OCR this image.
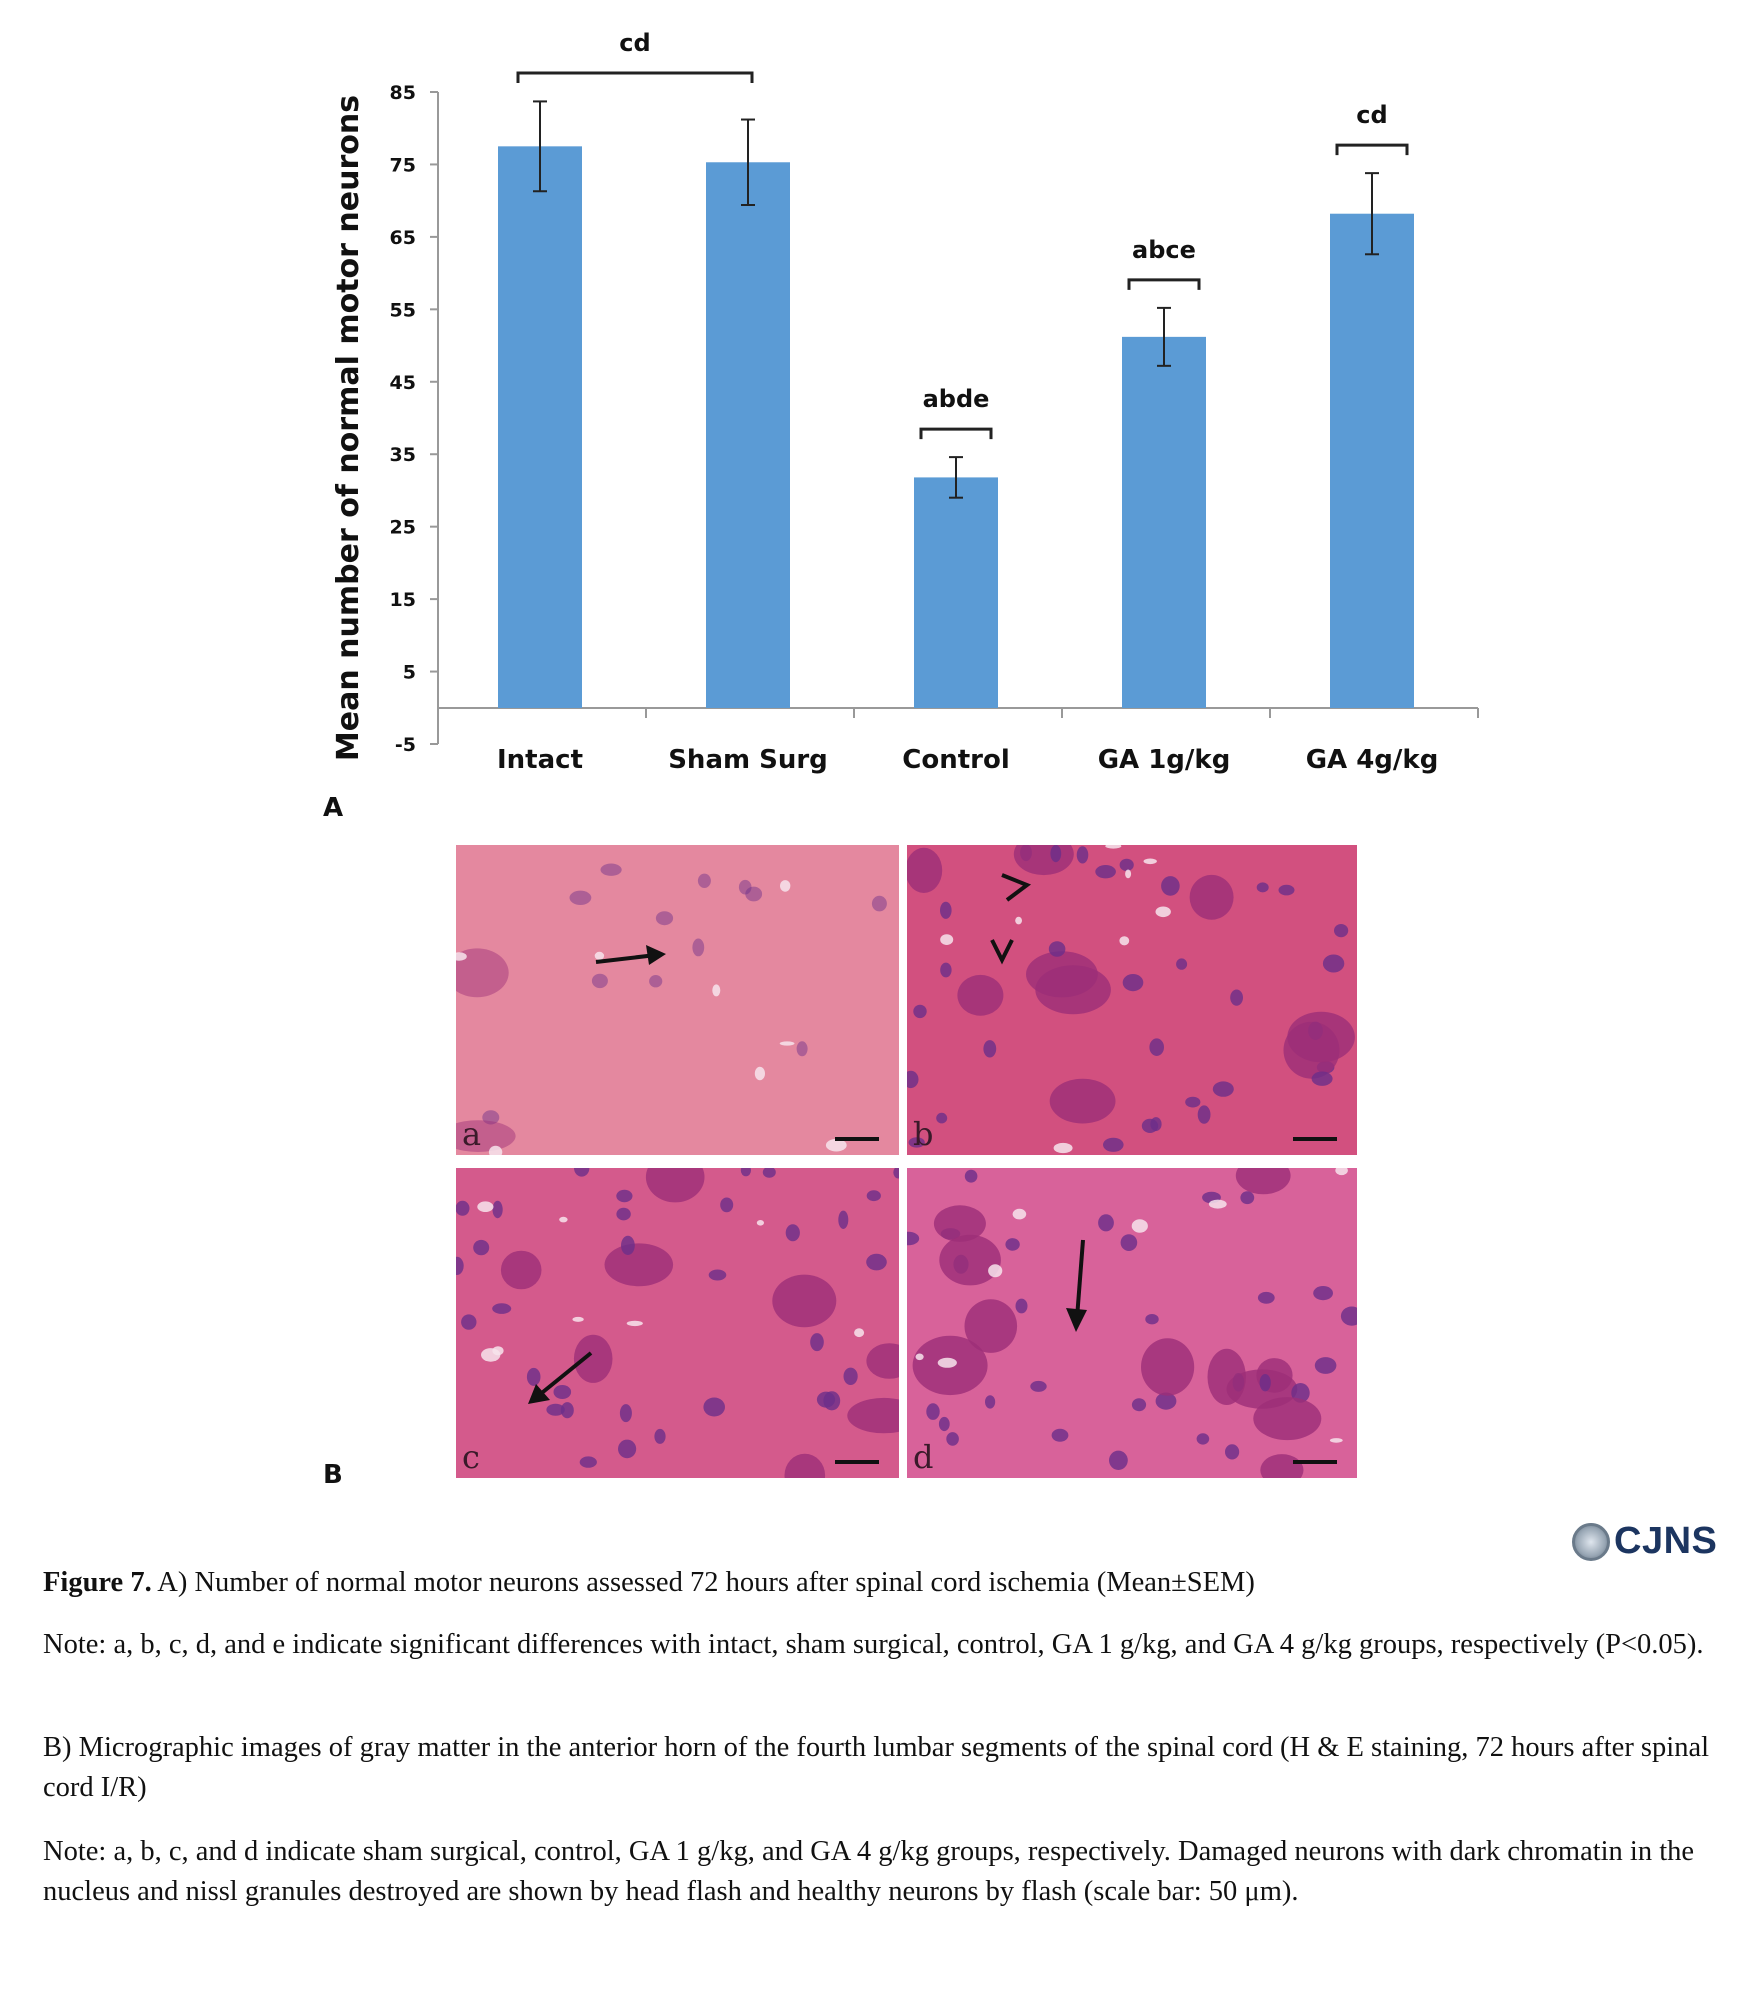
85
75
65
55
45
35
25
15
5
-5	Intact	Sham Surg	Control	GA 1g/kg	GA 4g/kg
cd
abde
abce
cd
Mean number of normal motor neurons
A
a	b
c	d
B
CJNS
Figure 7. A) Number of normal motor neurons assessed 72 hours after spinal cord ischemia (Mean±SEM)
Note: a, b, c, d, and e indicate significant differences with intact, sham surgical, control, GA 1 g/kg, and GA 4 g/kg groups, respectively (P<0.05).
B) Micrographic images of gray matter in the anterior horn of the fourth lumbar segments of the spinal cord (H & E staining, 72 hours after spinal cord I/R)
Note: a, b, c, and d indicate sham surgical, control, GA 1 g/kg, and GA 4 g/kg groups, respectively. Damaged neurons with dark chromatin in the nucleus and nissl granules destroyed are shown by head flash and healthy neurons by flash (scale bar: 50 μm).
